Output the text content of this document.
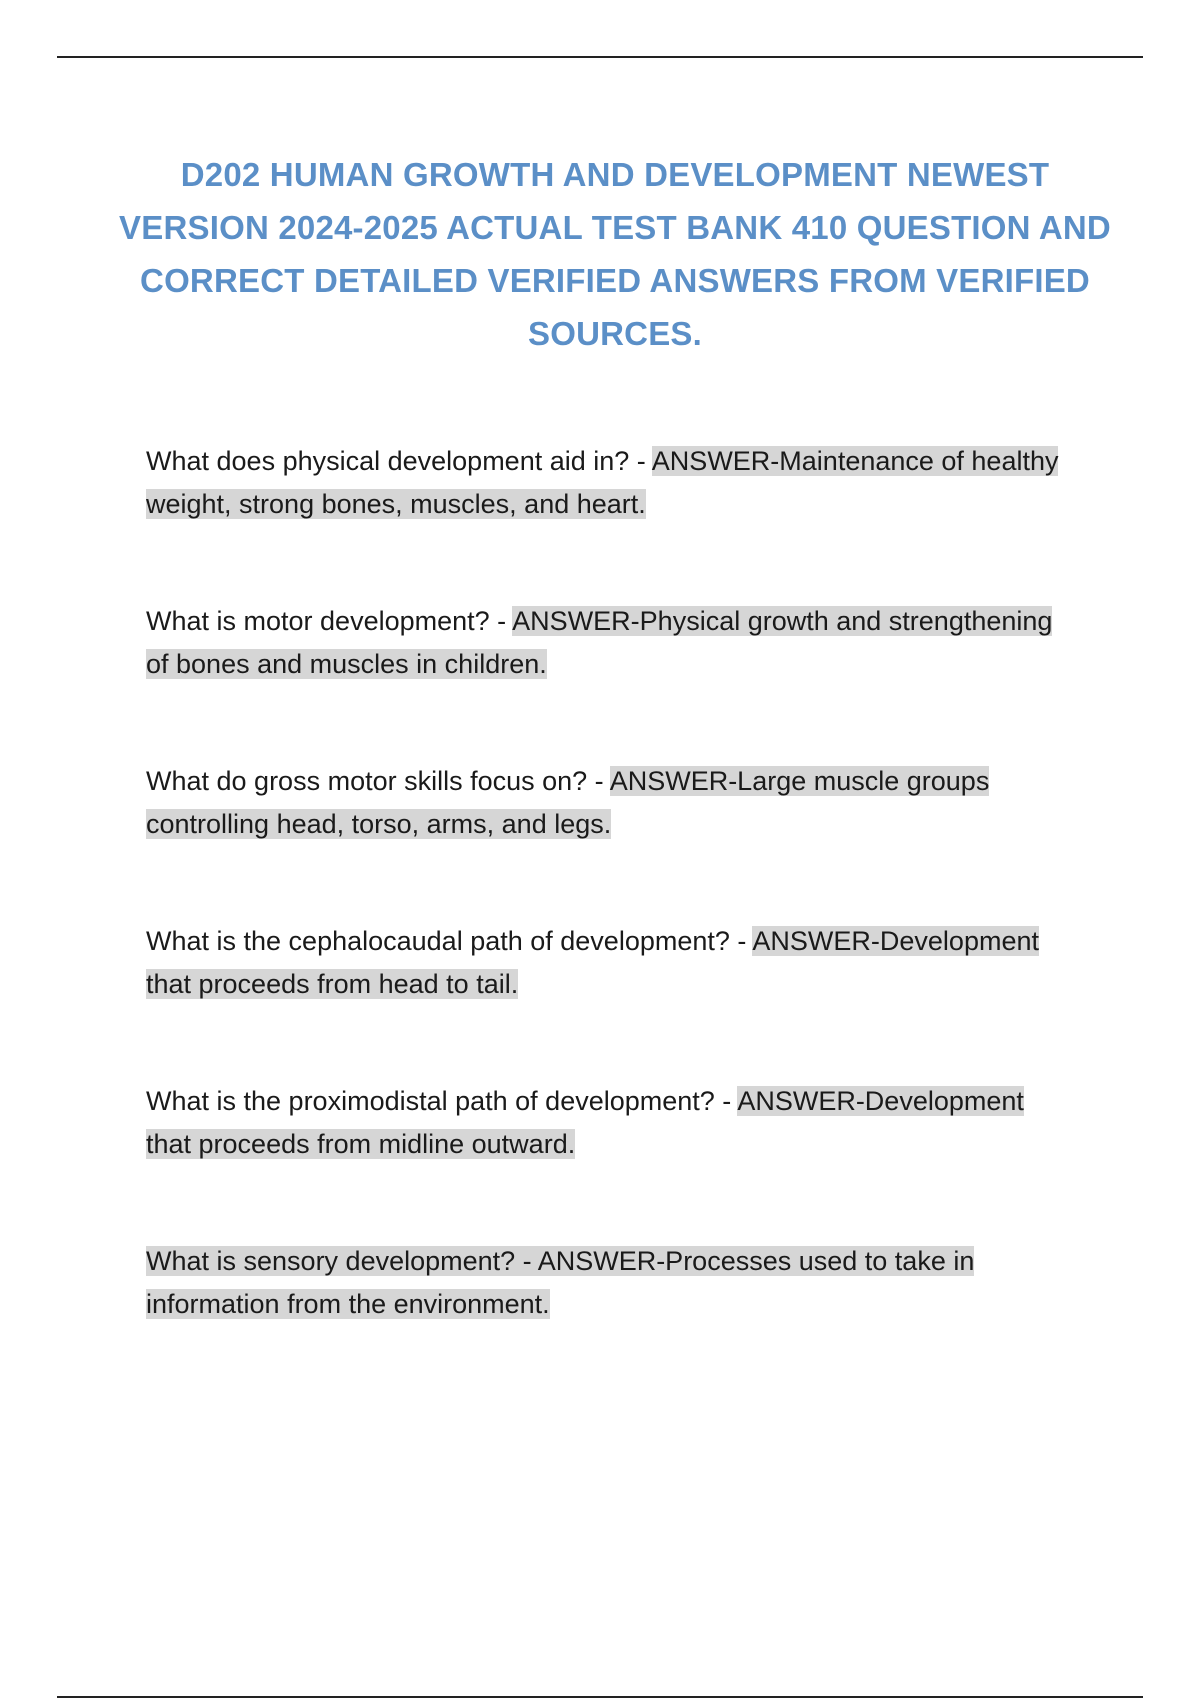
D202 HUMAN GROWTH AND DEVELOPMENT NEWEST VERSION 2024-2025 ACTUAL TEST BANK 410 QUESTION AND CORRECT DETAILED VERIFIED ANSWERS FROM VERIFIED SOURCES.
What does physical development aid in? - ANSWER-Maintenance of healthy weight, strong bones, muscles, and heart.
What is motor development? - ANSWER-Physical growth and strengthening of bones and muscles in children.
What do gross motor skills focus on? - ANSWER-Large muscle groups controlling head, torso, arms, and legs.
What is the cephalocaudal path of development? - ANSWER-Development that proceeds from head to tail.
What is the proximodistal path of development? - ANSWER-Development that proceeds from midline outward.
What is sensory development? - ANSWER-Processes used to take in information from the environment.
